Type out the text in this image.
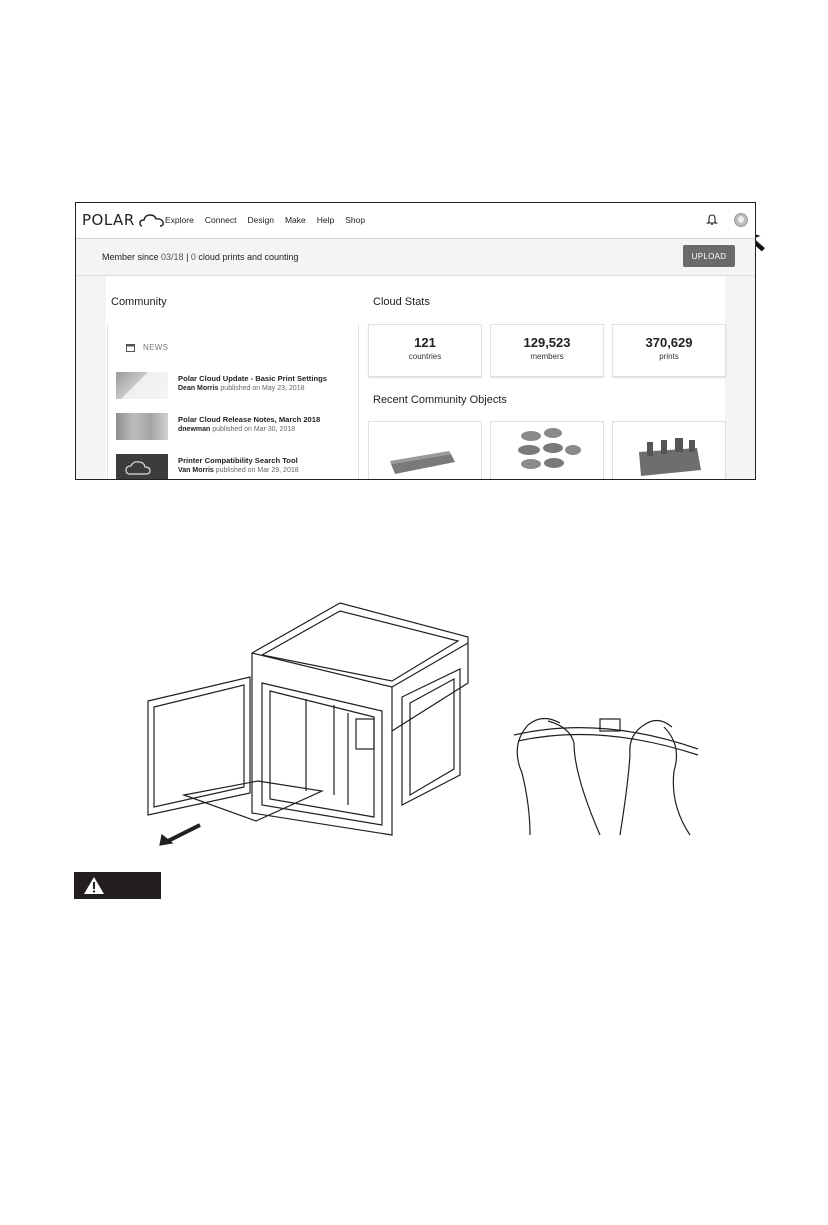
POLAR	Explore Connect Design Make Help Shop
Member since 03/18 | 0 cloud prints and counting	UPLOAD
Community
NEWS
Polar Cloud Update - Basic Print Settings
Dean Morris published on May 23, 2018
Polar Cloud Release Notes, March 2018
dnewman published on Mar 30, 2018
Printer Compatibility Search Tool
Van Morris published on Mar 29, 2018
Cloud Stats
121
countries
129,523
members
370,629
prints
Recent Community Objects
